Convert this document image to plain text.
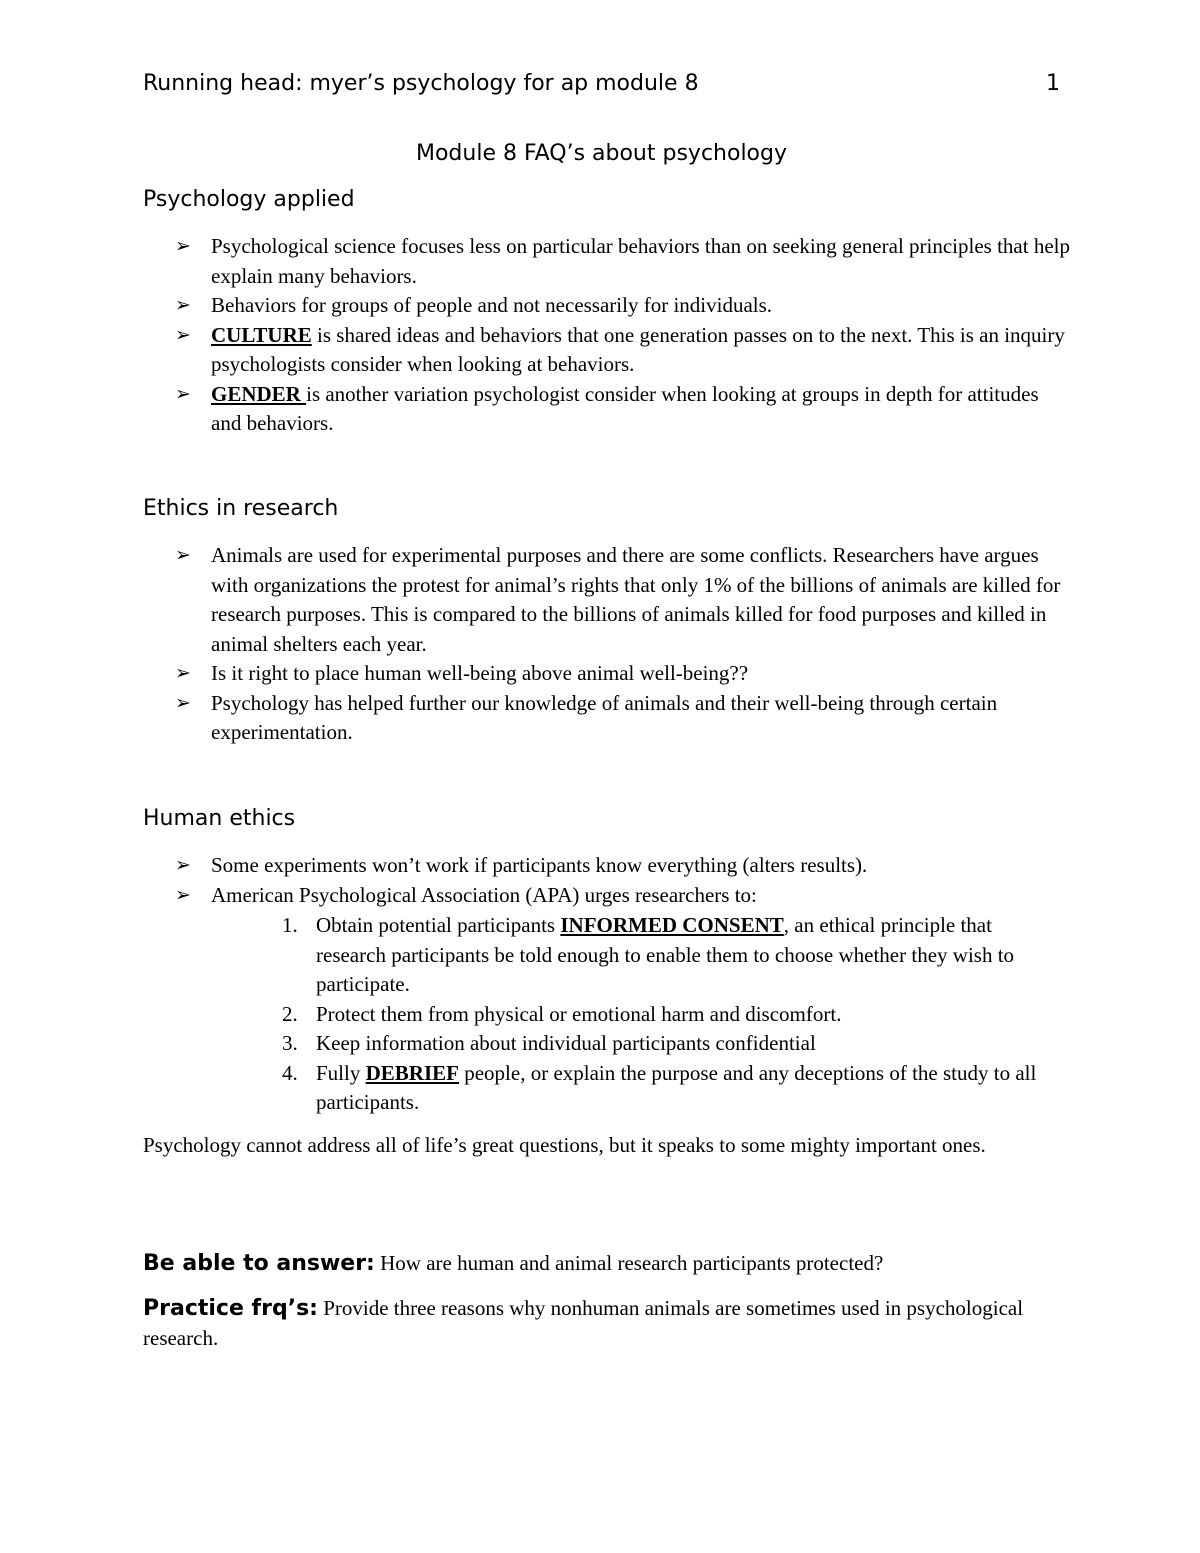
Running head: myer’s psychology for ap module 8	1
Module 8 FAQ’s about psychology
Psychology applied
➢ Psychological science focuses less on particular behaviors than on seeking general principles that help explain many behaviors.
➢ Behaviors for groups of people and not necessarily for individuals.
➢ CULTURE is shared ideas and behaviors that one generation passes on to the next. This is an inquiry psychologists consider when looking at behaviors.
➢ GENDER is another variation psychologist consider when looking at groups in depth for attitudes and behaviors.
Ethics in research
➢ Animals are used for experimental purposes and there are some conflicts. Researchers have argues with organizations the protest for animal’s rights that only 1% of the billions of animals are killed for research purposes. This is compared to the billions of animals killed for food purposes and killed in animal shelters each year.
➢ Is it right to place human well-being above animal well-being??
➢ Psychology has helped further our knowledge of animals and their well-being through certain experimentation.
Human ethics
➢ Some experiments won’t work if participants know everything (alters results).
➢ American Psychological Association (APA) urges researchers to:
1. Obtain potential participants INFORMED CONSENT, an ethical principle that research participants be told enough to enable them to choose whether they wish to participate.
2. Protect them from physical or emotional harm and discomfort.
3. Keep information about individual participants confidential
4. Fully DEBRIEF people, or explain the purpose and any deceptions of the study to all participants.

Psychology cannot address all of life’s great questions, but it speaks to some mighty important ones.

Be able to answer: How are human and animal research participants protected?

Practice frq’s: Provide three reasons why nonhuman animals are sometimes used in psychological research.
